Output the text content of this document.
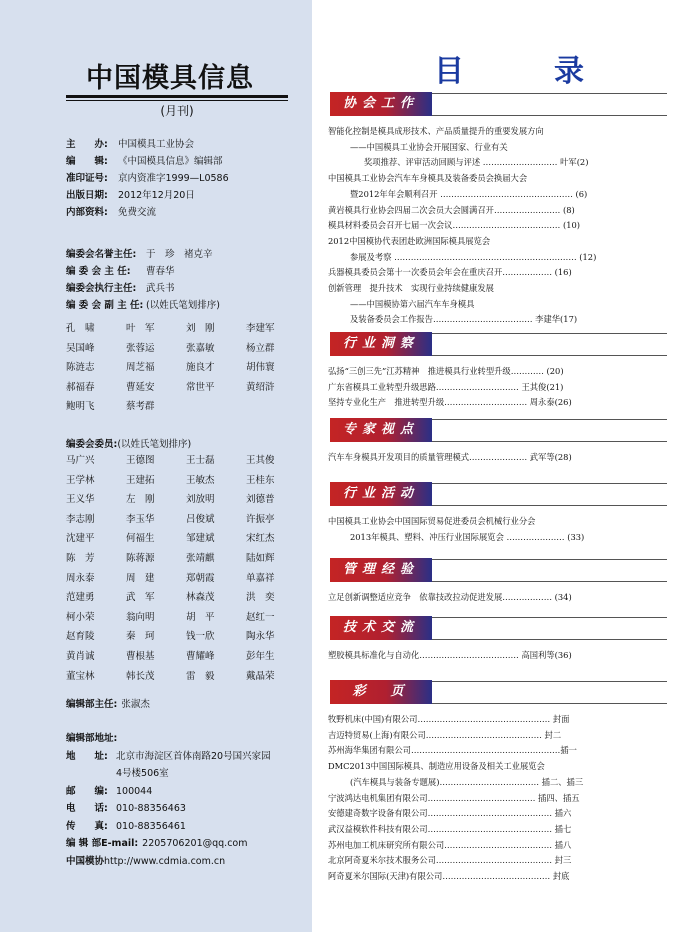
中国模具信息
(月刊)
主　　办: 中国模具工业协会
编　　辑: 《中国模具信息》编辑部
准印证号: 京内资准字1999—L0586
出版日期: 2012年12月20日
内部资料: 免费交流
编委会名誉主任: 于　珍　褚克辛
编 委 会 主 任: 曹春华
编委会执行主任: 武兵书
编 委 会 副 主 任: (以姓氏笔划排序)
孔　啸	叶　军	刘　刚	李建军
吴国峰	张蓉运	张嘉敏	杨立群
陈涟志	周芝福	施良才	胡伟寰
郝福春	曹延安	常世平	黄绍浒
鲍明飞	蔡考群
编委会委员:(以姓氏笔划排序)
马广兴	王德图	王士磊	王其俊
王学林	王建拓	王敏杰	王桂东
王义华	左　刚	刘放明	刘德普
李志刚	李玉华	吕俊斌	许振亭
沈建平	何福生	邹建斌	宋红杰
陈　芳	陈蒋源	张靖麒	陆如辉
周永泰	周　建	郑朝霞	单嘉祥
范建勇	武　军	林森茂	洪　奕
柯小荣	翁向明	胡　平	赵红一
赵育陵	秦　珂	钱一欣	陶永华
黄肖诚	曹根基	曹耀峰	彭年生
董宝林	韩长茂	雷　毅	戴晶荣
编辑部主任: 张淑杰
编辑部地址:
地　　址: 北京市海淀区首体南路20号国兴家园
4号楼506室
邮　　编: 100044
电　　话: 010-88356463
传　　真: 010-88356461
编 辑 部E-mail: 2205706201@qq.com
中国模协http://www.cdmia.com.cn
目　录
协会工作
智能化控制是模具成形技术、产品质量提升的重要发展方向
——中国模具工业协会开展国家、行业有关
奖项推荐、评审活动回顾与评述 ……………………… 叶军(2)
中国模具工业协会汽车车身模具及装备委员会换届大会
暨2012年年会顺利召开 ………………………………………… (6)
黄岩模具行业协会四届二次会员大会圆满召开…………………… (8)
模具材料委员会召开七届一次会议………………………………… (10)
2012中国模协代表团赴欧洲国际模具展览会
参展及考察 ………………………………………………………… (12)
兵器模具委员会第十一次委员会年会在重庆召开……………… (16)
创新管理　提升技术　实现行业持续健康发展
——中国模协第六届汽车车身模具
及装备委员会工作报告……………………………… 李建华(17)
行业洞察
弘扬“三创三先”江苏精神　推进模具行业转型升级………… (20)
广东省模具工业转型升级思路………………………… 王其俊(21)
坚持专业化生产　推进转型升级………………………… 周永泰(26)
专家视点
汽车车身模具开发项目的质量管理模式………………… 武军等(28)
行业活动
中国模具工业协会中国国际贸易促进委员会机械行业分会
2013年模具、塑料、冲压行业国际展览会 ………………… (33)
管理经验
立足创新调整适应竞争　依靠技改拉动促进发展……………… (34)
技术交流
塑胶模具标准化与自动化……………………………… 高国利等(36)
彩　页
牧野机床(中国)有限公司………………………………………… 封面
吉迈特贸易(上海)有限公司…………………………………… 封二
苏州海华集团有限公司………………………………………………插一
DMC2013中国国际模具、制造应用设备及相关工业展览会
(汽车模具与装备专题展)……………………………… 插二、插三
宁波鸿达电机集团有限公司………………………………… 插四、插五
安德建奇数字设备有限公司……………………………………… 插六
武汉益模软件科技有限公司……………………………………… 插七
苏州电加工机床研究所有限公司………………………………… 插八
北京阿奇夏米尔技术服务公司…………………………………… 封三
阿奇夏米尔国际(天津)有限公司………………………………… 封底
